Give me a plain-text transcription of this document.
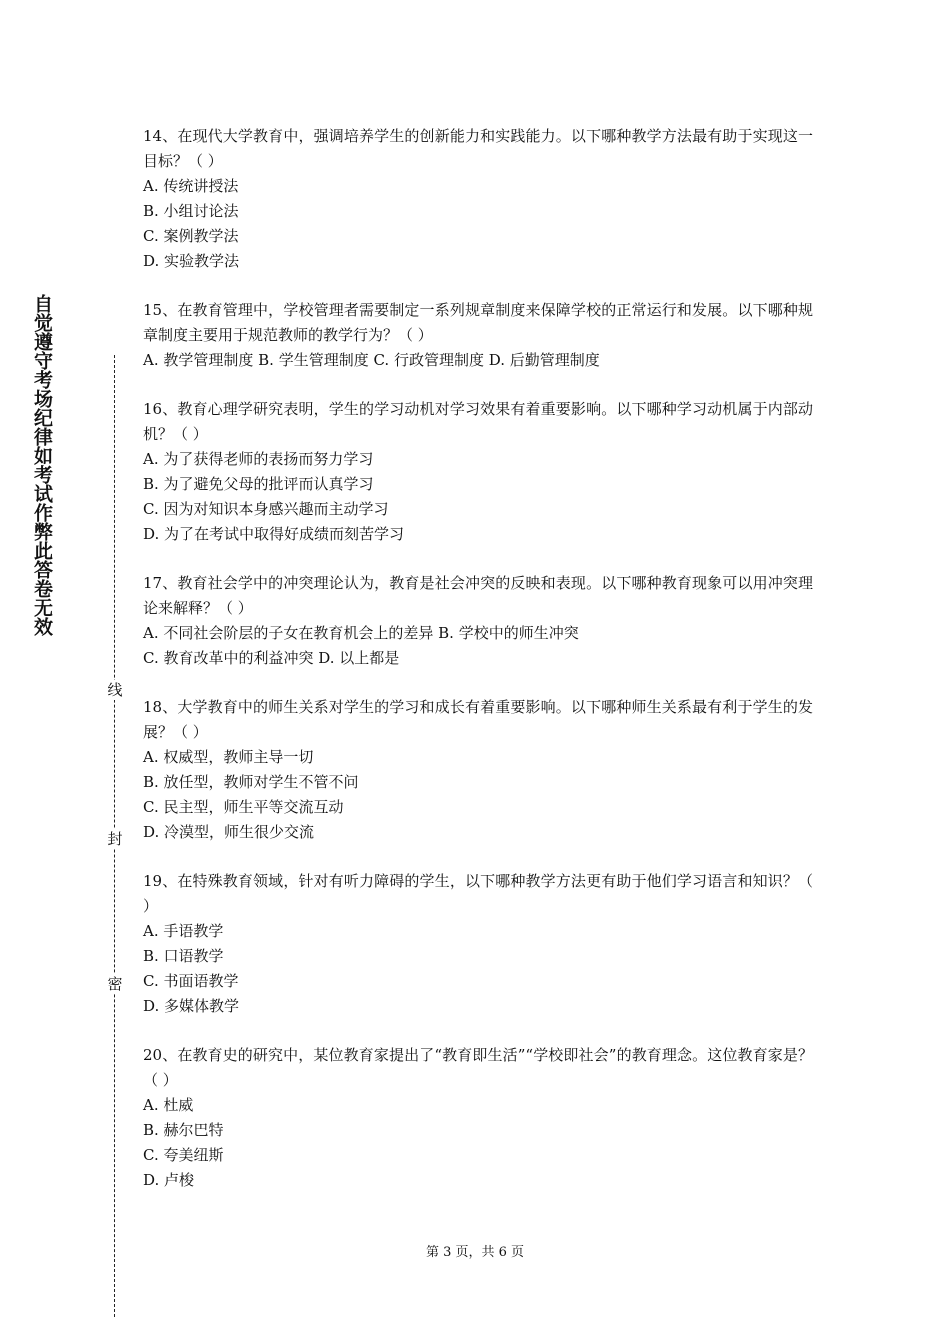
自觉遵守考场纪律如考试作弊此答卷无效
线
封
密
14、在现代大学教育中，强调培养学生的创新能力和实践能力。以下哪种教学方法最有助于实现这一目标？（ ）
A. 传统讲授法
B. 小组讨论法
C. 案例教学法
D. 实验教学法
15、在教育管理中，学校管理者需要制定一系列规章制度来保障学校的正常运行和发展。以下哪种规章制度主要用于规范教师的教学行为？（ ）
A. 教学管理制度 B. 学生管理制度 C. 行政管理制度 D. 后勤管理制度
16、教育心理学研究表明，学生的学习动机对学习效果有着重要影响。以下哪种学习动机属于内部动机？（ ）
A. 为了获得老师的表扬而努力学习
B. 为了避免父母的批评而认真学习
C. 因为对知识本身感兴趣而主动学习
D. 为了在考试中取得好成绩而刻苦学习
17、教育社会学中的冲突理论认为，教育是社会冲突的反映和表现。以下哪种教育现象可以用冲突理论来解释？（ ）
A. 不同社会阶层的子女在教育机会上的差异 B. 学校中的师生冲突
C. 教育改革中的利益冲突 D. 以上都是
18、大学教育中的师生关系对学生的学习和成长有着重要影响。以下哪种师生关系最有利于学生的发展？（ ）
A. 权威型，教师主导一切
B. 放任型，教师对学生不管不问
C. 民主型，师生平等交流互动
D. 冷漠型，师生很少交流
19、在特殊教育领域，针对有听力障碍的学生，以下哪种教学方法更有助于他们学习语言和知识？（ ）
A. 手语教学
B. 口语教学
C. 书面语教学
D. 多媒体教学
20、在教育史的研究中，某位教育家提出了“教育即生活”“学校即社会”的教育理念。这位教育家是？（ ）
A. 杜威
B. 赫尔巴特
C. 夸美纽斯
D. 卢梭
第 3 页，共 6 页
